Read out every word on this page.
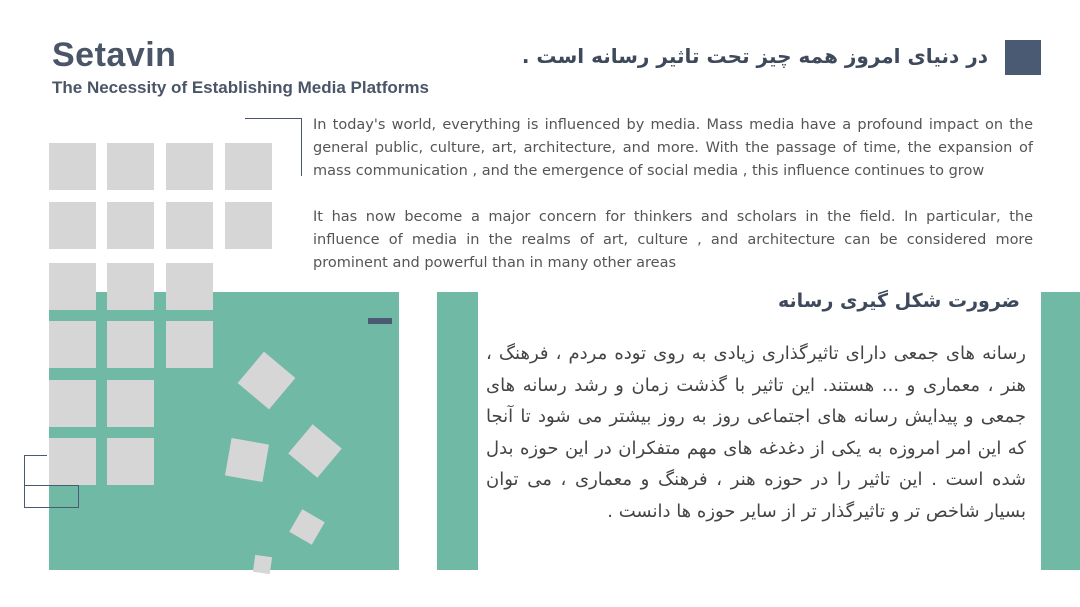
Setavin
The Necessity of Establishing Media Platforms
در دنیای امروز همه چیز تحت تاثیر رسانه است .

In today's world, everything is influenced by media. Mass media have a profound impact on the general public, culture, art, architecture, and more. With the passage of time, the expansion of mass communication , and the emergence of social media , this influence continues to grow

It has now become a major concern for thinkers and scholars in the field. In particular, the influence of media in the realms of art, culture , and architecture can be considered more prominent and powerful than in many other areas

ضرورت شکل گیری رسانه

رسانه های جمعی دارای تاثیرگذاری زیادی به روی توده مردم ، فرهنگ ، هنر ، معماری و ... هستند. این تاثیر با گذشت زمان و رشد رسانه های جمعی و پیدایش رسانه های اجتماعی روز به روز بیشتر می شود تا آنجا که این امر امروزه به یکی از دغدغه های مهم متفکران در این حوزه بدل شده است . این تاثیر را در حوزه هنر ، فرهنگ و معماری ، می توان بسیار شاخص تر و تاثیرگذار تر از سایر حوزه ها دانست .
